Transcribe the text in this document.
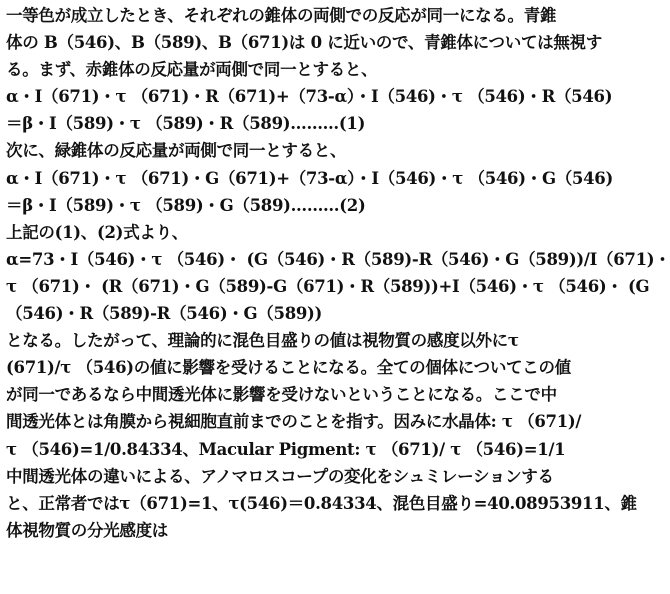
一等色が成立したとき、それぞれの錐体の両側での反応が同一になる。青錐
体の B（546)、B（589)、B（671)は 0 に近いので、青錐体については無視す
る。まず、赤錐体の反応量が両側で同一とすると、
α・I（671)・τ （671)・R（671)+（73-α）・I（546)・τ （546)・R（546)
＝β・I（589)・τ （589)・R（589)………(1)
次に、緑錐体の反応量が両側で同一とすると、
α・I（671)・τ （671)・G（671)+（73-α）・I（546)・τ （546)・G（546)
＝β・I（589)・τ （589)・G（589)………(2)
上記の(1)、(2)式より、
α=73・I（546)・τ （546)・ (G（546)・R（589)-R（546)・G（589))/I（671)・
τ （671)・ (R（671)・G（589)-G（671)・R（589))+I（546)・τ （546)・ (G
（546)・R（589)-R（546)・G（589))
となる。したがって、理論的に混色目盛りの値は視物質の感度以外にτ
(671)/τ （546)の値に影響を受けることになる。全ての個体についてこの値
が同一であるなら中間透光体に影響を受けないということになる。ここで中
間透光体とは角膜から視細胞直前までのことを指す。因みに水晶体: τ （671)/
τ （546)=1/0.84334、Macular Pigment: τ （671)/ τ （546)=1/1
中間透光体の違いによる、アノマロスコープの変化をシュミレーションする
と、正常者ではτ（671)=1、τ(546)＝0.84334、混色目盛り=40.08953911、錐
体視物質の分光感度は
